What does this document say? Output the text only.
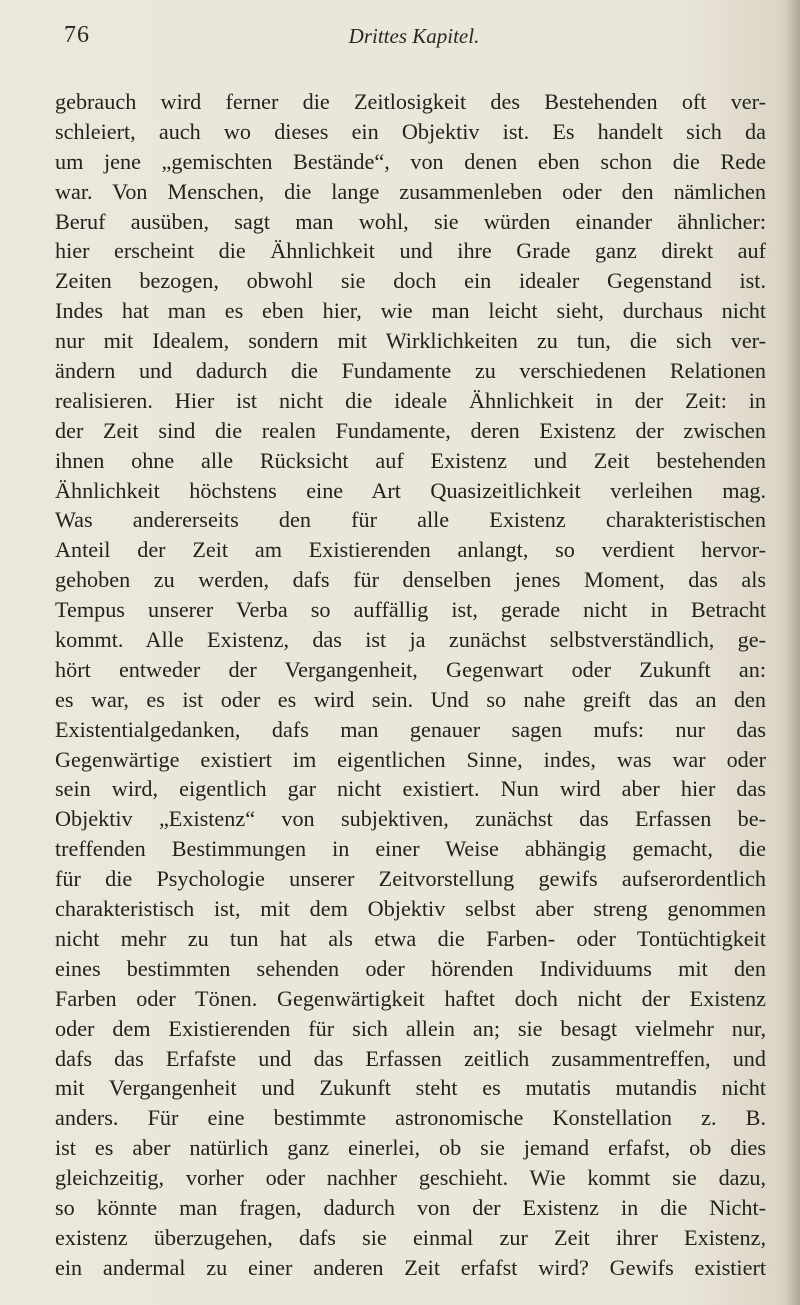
76	Drittes Kapitel.
gebrauch wird ferner die Zeitlosigkeit des Bestehenden oft ver-
schleiert, auch wo dieses ein Objektiv ist. Es handelt sich da
um jene „gemischten Bestände“, von denen eben schon die Rede
war. Von Menschen, die lange zusammenleben oder den nämlichen
Beruf ausüben, sagt man wohl, sie würden einander ähnlicher:
hier erscheint die Ähnlichkeit und ihre Grade ganz direkt auf
Zeiten bezogen, obwohl sie doch ein idealer Gegenstand ist.
Indes hat man es eben hier, wie man leicht sieht, durchaus nicht
nur mit Idealem, sondern mit Wirklichkeiten zu tun, die sich ver-
ändern und dadurch die Fundamente zu verschiedenen Relationen
realisieren. Hier ist nicht die ideale Ähnlichkeit in der Zeit: in
der Zeit sind die realen Fundamente, deren Existenz der zwischen
ihnen ohne alle Rücksicht auf Existenz und Zeit bestehenden
Ähnlichkeit höchstens eine Art Quasizeitlichkeit verleihen mag.
Was andererseits den für alle Existenz charakteristischen
Anteil der Zeit am Existierenden anlangt, so verdient hervor-
gehoben zu werden, dafs für denselben jenes Moment, das als
Tempus unserer Verba so auffällig ist, gerade nicht in Betracht
kommt. Alle Existenz, das ist ja zunächst selbstverständlich, ge-
hört entweder der Vergangenheit, Gegenwart oder Zukunft an:
es war, es ist oder es wird sein. Und so nahe greift das an den
Existentialgedanken, dafs man genauer sagen mufs: nur das
Gegenwärtige existiert im eigentlichen Sinne, indes, was war oder
sein wird, eigentlich gar nicht existiert. Nun wird aber hier das
Objektiv „Existenz“ von subjektiven, zunächst das Erfassen be-
treffenden Bestimmungen in einer Weise abhängig gemacht, die
für die Psychologie unserer Zeitvorstellung gewifs aufserordentlich
charakteristisch ist, mit dem Objektiv selbst aber streng genommen
nicht mehr zu tun hat als etwa die Farben- oder Tontüchtigkeit
eines bestimmten sehenden oder hörenden Individuums mit den
Farben oder Tönen. Gegenwärtigkeit haftet doch nicht der Existenz
oder dem Existierenden für sich allein an; sie besagt vielmehr nur,
dafs das Erfafste und das Erfassen zeitlich zusammentreffen, und
mit Vergangenheit und Zukunft steht es mutatis mutandis nicht
anders. Für eine bestimmte astronomische Konstellation z. B.
ist es aber natürlich ganz einerlei, ob sie jemand erfafst, ob dies
gleichzeitig, vorher oder nachher geschieht. Wie kommt sie dazu,
so könnte man fragen, dadurch von der Existenz in die Nicht-
existenz überzugehen, dafs sie einmal zur Zeit ihrer Existenz,
ein andermal zu einer anderen Zeit erfafst wird? Gewifs existiert
